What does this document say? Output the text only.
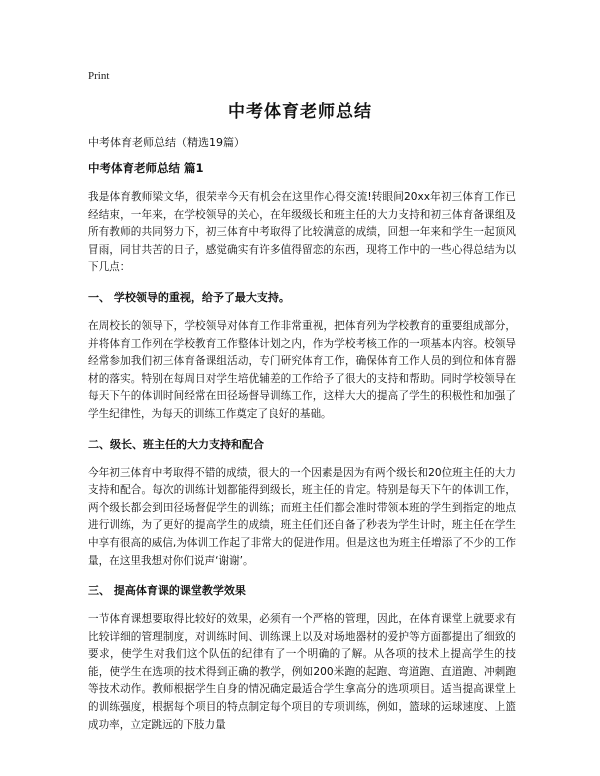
Print
中考体育老师总结
中考体育老师总结（精选19篇）
中考体育老师总结 篇1

我是体育教师梁文华，很荣幸今天有机会在这里作心得交流!转眼间20xx年初三体育工作已经结束，一年来，在学校领导的关心，在年级级长和班主任的大力支持和初三体育备课组及所有教师的共同努力下，初三体育中考取得了比较满意的成绩，回想一年来和学生一起顶风冒雨，同甘共苦的日子，感觉确实有许多值得留恋的东西，现将工作中的一些心得总结为以下几点：

一、 学校领导的重视，给予了最大支持。

在周校长的领导下，学校领导对体育工作非常重视，把体育列为学校教育的重要组成部分，并将体育工作列在学校教育工作整体计划之内，作为学校考核工作的一项基本内容。校领导经常参加我们初三体育备课组活动，专门研究体育工作，确保体育工作人员的到位和体育器材的落实。特别在每周日对学生培优辅差的工作给予了很大的支持和帮助。同时学校领导在每天下午的体训时间经常在田径场督导训练工作，这样大大的提高了学生的积极性和加强了学生纪律性，为每天的训练工作奠定了良好的基础。

二、级长、班主任的大力支持和配合

今年初三体育中考取得不错的成绩，很大的一个因素是因为有两个级长和20位班主任的大力支持和配合。每次的训练计划都能得到级长，班主任的肯定。特别是每天下午的体训工作，两个级长都会到田径场督促学生的训练；而班主任们都会准时带领本班的学生到指定的地点进行训练，为了更好的提高学生的成绩，班主任们还自备了秒表为学生计时，班主任在学生中享有很高的威信,为体训工作起了非常大的促进作用。但是这也为班主任增添了不少的工作量，在这里我想对你们说声‘谢谢’。

三、 提高体育课的课堂教学效果

一节体育课想要取得比较好的效果，必须有一个严格的管理，因此，在体育课堂上就要求有比较详细的管理制度，对训练时间、训练课上以及对场地器材的爱护等方面都提出了细致的要求，使学生对我们这个队伍的纪律有了一个明确的了解。从各项的技术上提高学生的技能，使学生在选项的技术得到正确的教学，例如200米跑的起跑、弯道跑、直道跑、冲刺跑等技术动作。教师根据学生自身的情况确定最适合学生拿高分的选项项目。适当提高课堂上的训练强度，根据每个项目的特点制定每个项目的专项训练，例如，篮球的运球速度、上篮成功率，立定跳远的下肢力量
